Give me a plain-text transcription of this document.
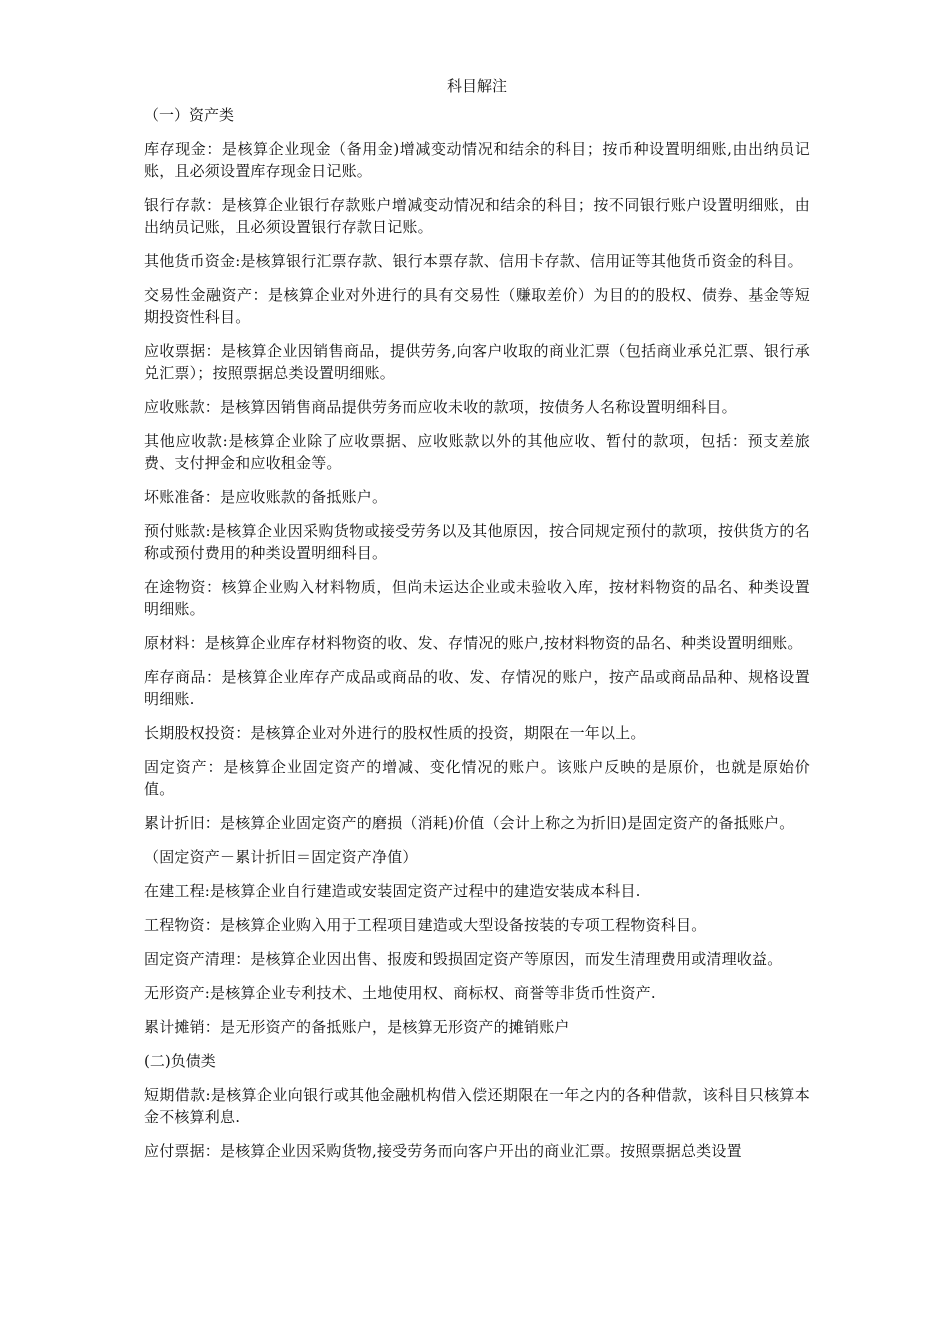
科目解注
（一）资产类
库存现金：是核算企业现金（备用金)增减变动情况和结余的科目；按币种设置明细账,由出纳员记账，且必须设置库存现金日记账。
银行存款：是核算企业银行存款账户增减变动情况和结余的科目；按不同银行账户设置明细账，由出纳员记账，且必须设置银行存款日记账。
其他货币资金:是核算银行汇票存款、银行本票存款、信用卡存款、信用证等其他货币资金的科目。
交易性金融资产：是核算企业对外进行的具有交易性（赚取差价）为目的的股权、债券、基金等短期投资性科目。
应收票据：是核算企业因销售商品，提供劳务,向客户收取的商业汇票（包括商业承兑汇票、银行承兑汇票）；按照票据总类设置明细账。
应收账款：是核算因销售商品提供劳务而应收未收的款项，按债务人名称设置明细科目。
其他应收款:是核算企业除了应收票据、应收账款以外的其他应收、暂付的款项，包括：预支差旅费、支付押金和应收租金等。
坏账准备：是应收账款的备抵账户。
预付账款:是核算企业因采购货物或接受劳务以及其他原因，按合同规定预付的款项，按供货方的名称或预付费用的种类设置明细科目。
在途物资：核算企业购入材料物质，但尚未运达企业或未验收入库，按材料物资的品名、种类设置明细账。
原材料：是核算企业库存材料物资的收、发、存情况的账户,按材料物资的品名、种类设置明细账。
库存商品：是核算企业库存产成品或商品的收、发、存情况的账户，按产品或商品品种、规格设置明细账.
长期股权投资：是核算企业对外进行的股权性质的投资，期限在一年以上。
固定资产：是核算企业固定资产的增减、变化情况的账户。该账户反映的是原价，也就是原始价值。
累计折旧：是核算企业固定资产的磨损（消耗)价值（会计上称之为折旧)是固定资产的备抵账户。
（固定资产－累计折旧＝固定资产净值）
在建工程:是核算企业自行建造或安装固定资产过程中的建造安装成本科目.
工程物资：是核算企业购入用于工程项目建造或大型设备按装的专项工程物资科目。
固定资产清理：是核算企业因出售、报废和毁损固定资产等原因，而发生清理费用或清理收益。
无形资产:是核算企业专利技术、土地使用权、商标权、商誉等非货币性资产.
累计摊销：是无形资产的备抵账户，是核算无形资产的摊销账户
(二)负债类
短期借款:是核算企业向银行或其他金融机构借入偿还期限在一年之内的各种借款，该科目只核算本金不核算利息.
应付票据：是核算企业因采购货物,接受劳务而向客户开出的商业汇票。按照票据总类设置
